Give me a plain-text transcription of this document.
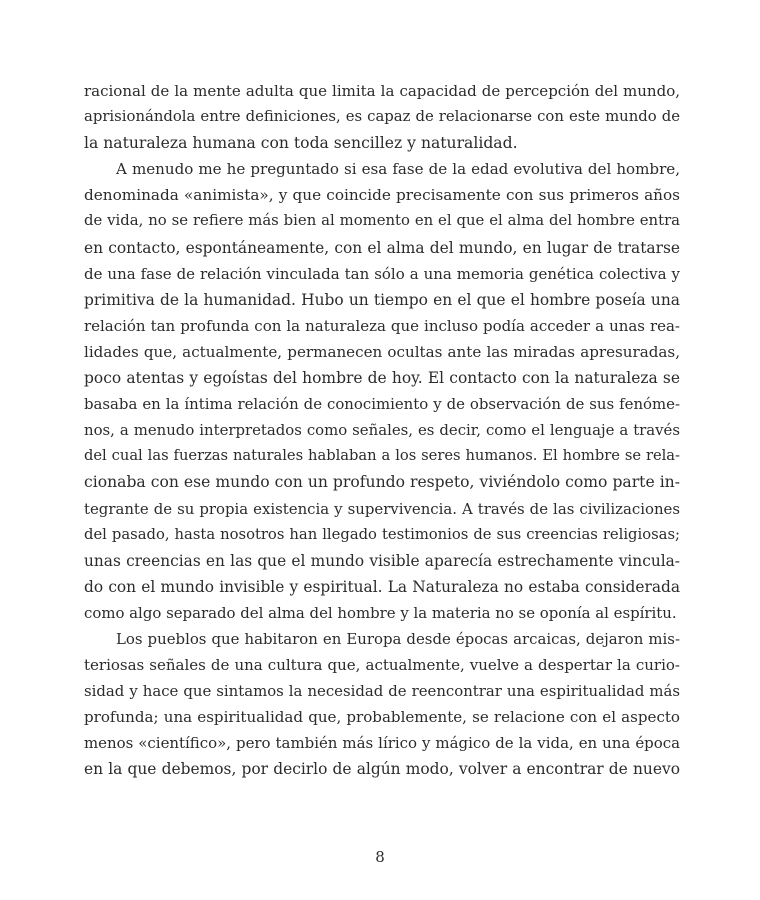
racional de la mente adulta que limita la capacidad de percepción del mundo,
aprisionándola entre definiciones, es capaz de relacionarse con este mundo de
la naturaleza humana con toda sencillez y naturalidad.
A menudo me he preguntado si esa fase de la edad evolutiva del hombre,
denominada «animista», y que coincide precisamente con sus primeros años
de vida, no se refiere más bien al momento en el que el alma del hombre entra
en contacto, espontáneamente, con el alma del mundo, en lugar de tratarse
de una fase de relación vinculada tan sólo a una memoria genética colectiva y
primitiva de la humanidad. Hubo un tiempo en el que el hombre poseía una
relación tan profunda con la naturaleza que incluso podía acceder a unas rea-
lidades que, actualmente, permanecen ocultas ante las miradas apresuradas,
poco atentas y egoístas del hombre de hoy. El contacto con la naturaleza se
basaba en la íntima relación de conocimiento y de observación de sus fenóme-
nos, a menudo interpretados como señales, es decir, como el lenguaje a través
del cual las fuerzas naturales hablaban a los seres humanos. El hombre se rela-
cionaba con ese mundo con un profundo respeto, viviéndolo como parte in-
tegrante de su propia existencia y supervivencia. A través de las civilizaciones
del pasado, hasta nosotros han llegado testimonios de sus creencias religiosas;
unas creencias en las que el mundo visible aparecía estrechamente vincula-
do con el mundo invisible y espiritual. La Naturaleza no estaba considerada
como algo separado del alma del hombre y la materia no se oponía al espíritu.
Los pueblos que habitaron en Europa desde épocas arcaicas, dejaron mis-
teriosas señales de una cultura que, actualmente, vuelve a despertar la curio-
sidad y hace que sintamos la necesidad de reencontrar una espiritualidad más
profunda; una espiritualidad que, probablemente, se relacione con el aspecto
menos «científico», pero también más lírico y mágico de la vida, en una época
en la que debemos, por decirlo de algún modo, volver a encontrar de nuevo
8
